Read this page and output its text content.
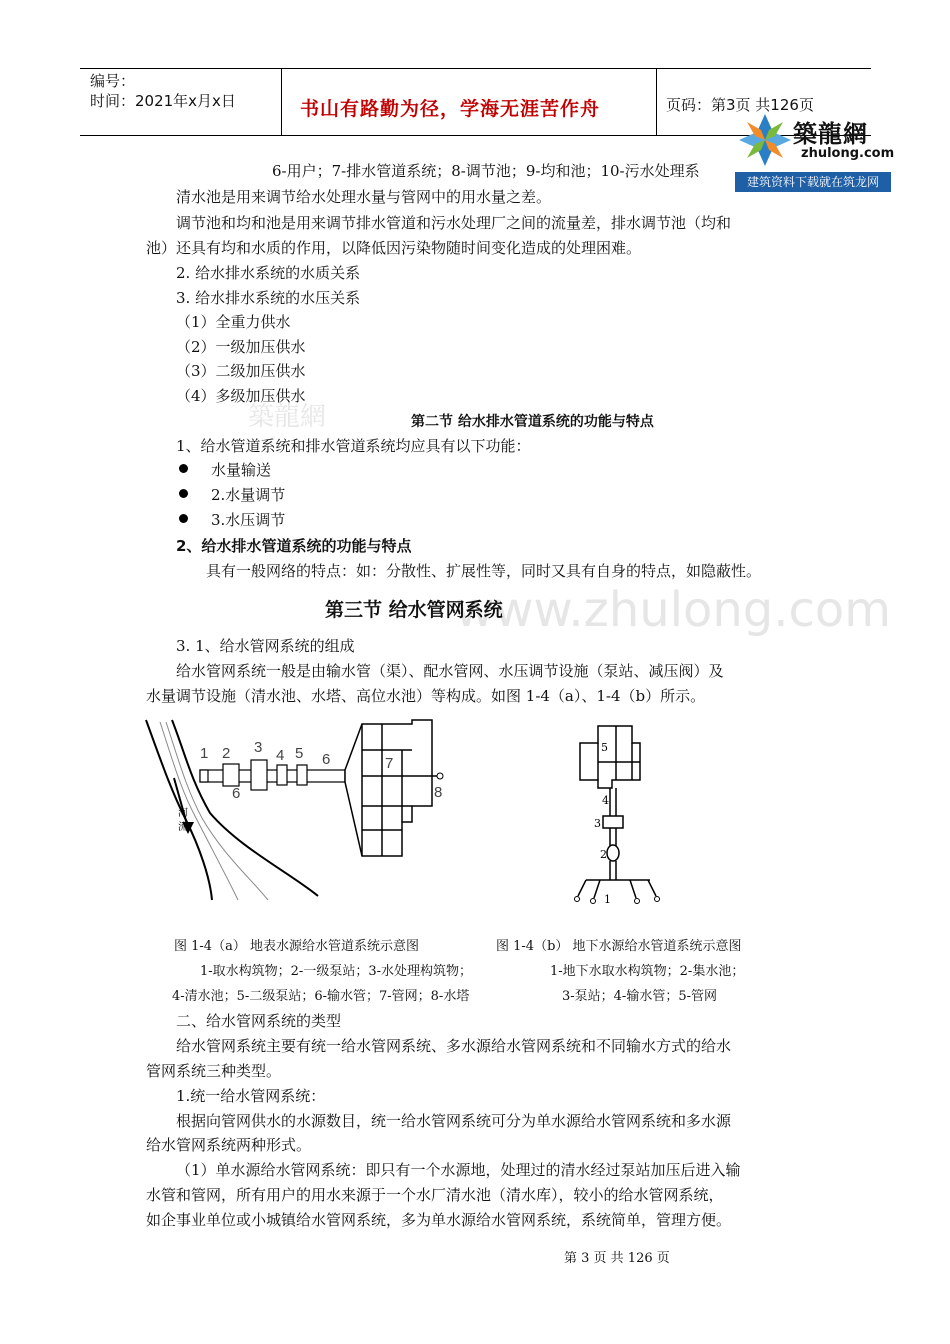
编号：
时间：2021年x月x日	书山有路勤为径，学海无涯苦作舟	页码：第3页 共126页
築龍網
zhulong.com
建筑资料下载就在筑龙网
築龍網
www.zhulong.com
6-用户；7-排水管道系统；8-调节池；9-均和池；10-污水处理系
清水池是用来调节给水处理水量与管网中的用水量之差。
调节池和均和池是用来调节排水管道和污水处理厂之间的流量差，排水调节池（均和
池）还具有均和水质的作用，以降低因污染物随时间变化造成的处理困难。
2. 给水排水系统的水质关系
3. 给水排水系统的水压关系
（1）全重力供水
（2）一级加压供水
（3）二级加压供水
（4）多级加压供水
第二节 给水排水管道系统的功能与特点
1、给水管道系统和排水管道系统均应具有以下功能：
水量输送
2.水量调节
3.水压调节
2、给水排水管道系统的功能与特点
具有一般网络的特点：如：分散性、扩展性等，同时又具有自身的特点，如隐蔽性。
第三节 给水管网系统
3. 1、给水管网系统的组成
给水管网系统一般是由输水管（渠）、配水管网、水压调节设施（泵站、减压阀）及
水量调节设施（清水池、水塔、高位水池）等构成。如图 1-4（a）、1-4（b）所示。
河
流
1 2 3 4 5 6
6
7
8
5
4
3
2
1
图 1-4（a） 地表水源给水管道系统示意图	图 1-4（b） 地下水源给水管道系统示意图
1-取水构筑物；2-一级泵站；3-水处理构筑物；	1-地下水取水构筑物；2-集水池；
4-清水池；5-二级泵站；6-输水管；7-管网；8-水塔	3-泵站；4-输水管；5-管网
二、给水管网系统的类型
给水管网系统主要有统一给水管网系统、多水源给水管网系统和不同输水方式的给水
管网系统三种类型。
1.统一给水管网系统：
根据向管网供水的水源数目，统一给水管网系统可分为单水源给水管网系统和多水源
给水管网系统两种形式。
（1）单水源给水管网系统：即只有一个水源地，处理过的清水经过泵站加压后进入输
水管和管网，所有用户的用水来源于一个水厂清水池（清水库），较小的给水管网系统，
如企事业单位或小城镇给水管网系统，多为单水源给水管网系统，系统简单，管理方便。
第 3 页 共 126 页
